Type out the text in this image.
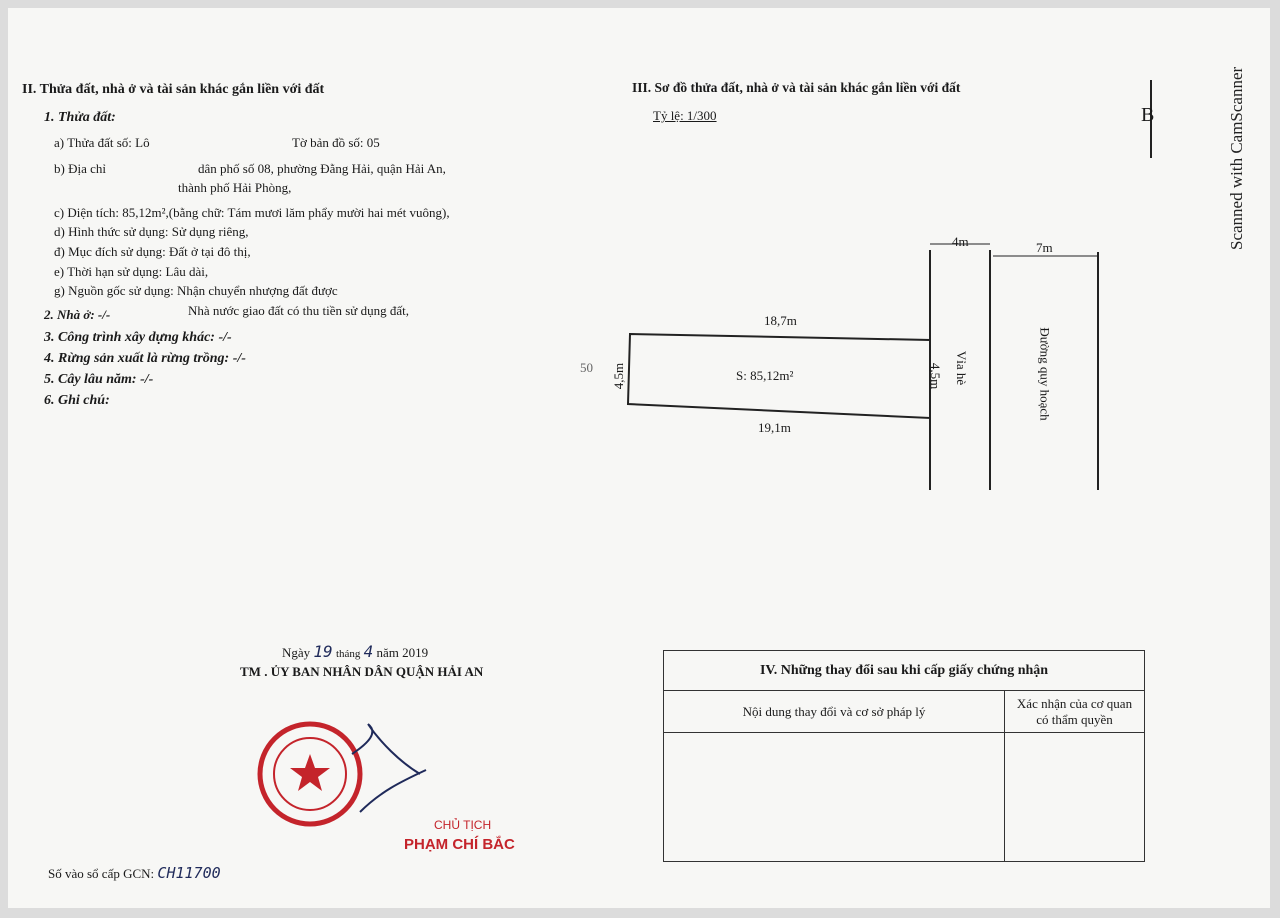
II. Thửa đất, nhà ở và tài sản khác gắn liền với đất
1. Thửa đất:
a) Thửa đất số: Lô	Tờ bản đồ số: 05
b) Địa chỉ	dân phố số 08, phường Đằng Hải, quận Hải An,
thành phố Hải Phòng,
c) Diện tích: 85,12m²,(bằng chữ: Tám mươi lăm phẩy mười hai mét vuông),
d) Hình thức sử dụng: Sử dụng riêng,
đ) Mục đích sử dụng: Đất ở tại đô thị,
e) Thời hạn sử dụng: Lâu dài,
g) Nguồn gốc sử dụng: Nhận chuyển nhượng đất được
Nhà nước giao đất có thu tiền sử dụng đất,
2. Nhà ở: -/-
3. Công trình xây dựng khác: -/-
4. Rừng sản xuất là rừng trồng: -/-
5. Cây lâu năm: -/-
6. Ghi chú:
Ngày 19 tháng 4 năm 2019
TM . ỦY BAN NHÂN DÂN QUẬN HẢI AN
CHỦ TỊCH
PHẠM CHÍ BẮC
Số vào sổ cấp GCN: CH11700
III. Sơ đồ thửa đất, nhà ở và tài sản khác gắn liền với đất
Tỷ lệ: 1/300	B
50
18,7m
19,1m
4,5m	4,5m
S: 85,12m²
4m
Vỉa hè
7m
Đường quy hoạch
IV. Những thay đổi sau khi cấp giấy chứng nhận	
Nội dung thay đổi và cơ sở pháp lý	Xác nhận của cơ quan
có thẩm quyền

Scanned with CamScanner
